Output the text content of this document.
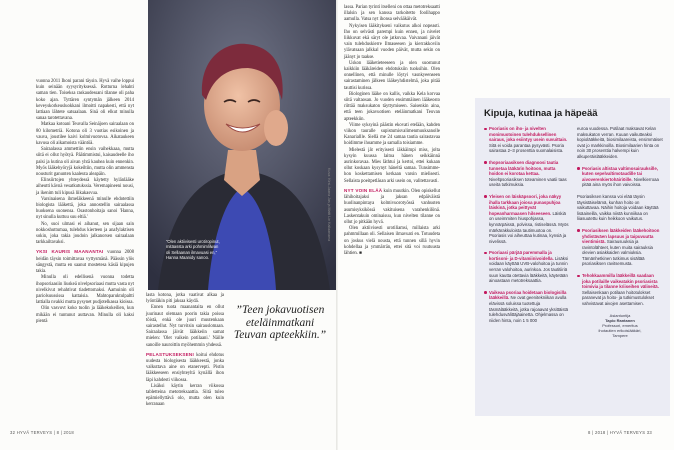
”Olen aktiivisesti urotiropinut, mitäassta arki pohmimlilwan oli Sellaanan ilmavuasi en,” Hanna Maanidy sanoo.
Kuva: Kirsi-Jaana Jas ja Matti Lin Kallaanama

vuonna 2011 Ihoni parani täysin. Hyvä vaihe loppui kuin seinään syysyrityksessä. Rotturna lehahti saman tien. Toiseksa raskaudessani tilanne oli paha koko ajan. Tyttären syntymän jälkeen 2014 keveyskorkeusluokkani ilmoitti napakesti, että nyt lattiaan lähtete satsaalaan. Sinä oli elkut minulla sanaa tarotettavana.

Matkaa kotoani Teuvalla Seinäjoen sairaalaan on 80 kilometriä. Kotona oli 3 vuotias esikoinen ja vauva, joustilee kaivi kolmivuotovsa. Aikataukeen kavusa oli aikamoista vääntöä.

Sairaalassa ammettiin ensin vaihekkaaa, mutta siitä ei ollut hyötyä. Päätimmistui, kaisaudeelle iho palsi ja kutina oli aivan yhtä kauhea kuin ennenkin. Myös lääkehyöryjä kokeiltiin, mutta olin ammensta nousturit ganunten kaaleuta aleapäin.

Elinsiirtojen yhteydessä käytetty hylänlääke aiheutti kävnä vesatkutukssia. Veremapineeni nousi, ja ikenim tuli kipusä liikakasvua.

Varsinaisena ihmeläkkeenä minulle ehdotettiin biologista lääkettä, joka annostellin sairaalassa huoksena suonensa. Osastonhoitaja sanoi 'Hanna, nyt sinulla kuttuu suu eltiä.'

No, suoi ulmasi ei aihanut, sen sijaan sain nokkoshuttumaa, tulehdus kierteen ja anafylaktisen sokin, joka takia joudoin jalkanorsen sairaalaan tarkkailtavaksi.

YKSI KAURIS MAANANTAI vuonna 2008 heidän täysin toimittavaa vyttysmänä. Päässin ylös sängystä, mutta en saanut mostetesa käsiä kipujen takia.

Minulla oli edellisenä vuonna todetta ihopsoriaasiin liuskeä nivelpsoriaasi mutta vasta nyt nivelkivut rehahtivat tiadettomaksi. Aamuinin oli pariolsuussissa kattaisia. Mahtoparuktulpaltti lattialla nvakki mutta pysynet pudjotelkassa kioissa.

Olin vasvuvt koko tuolin ja lääkekokeilien, kun mikään ei tuntunut auttavan. Minulla oli kaksi pientä

lasta kotona, jotka vaativat alkaa ja lyöntiäkin piti jaksaa käydä.

Ennen tuota maanantaita en ollut juurinaut olemaan poorin takia poissa töistä, enkä ole juuri muutenkaan sairastellut. Nyt turvitsin sairauslomaan. Sairaalassa jäivät lääkkeiin samat mielen: 'Olet vaikein potilaani.' Näille sanoille nauroittin myöhemmin yhdessä.

PELASTUKSEKSENI koitui ehdotus uudesta biologisesta lääkkeestä, jonka valkuttava aine on etanervepti. Pistin lääkkeeseen ensiyhteyltä kynällä ihon läpi kahdesti viikossa.

Lisäksi käytin kerran viikossa tabletteina metotreksaattia. Siitä tuleo epämiellyttävä olo, mutta olen kuin kerranaan

”Teen jokavuotisen eteläinmatkani Teuvan apteekkiin.”

lassa. Parian tyrinti itselleni on ottaa metotreksaatti illalsin ja sen kanssa tarkoitetto foolihappo aamulla. Vatsa nyt ihonsa selvääkäivät.

Nykyisen lääkitykseni vaikutus alkoi nopeasti. Iho on selvästi parempi kuin ennen, ja nivelet liikkuvat ekä säryt ole jatkuvaa. Vaivanani jäivät vain tulehduskierre Ilmaseesen ja kierrakkoviin ylävatsaan jalkkal vuoden päivät, mutta sekin on jäänyt jo taakse.

Uskon lääketieteeseen ja olen suostunut kaikkiin lääkäreiden ehdotuksiin tuoksihin. Olen onnellinen, että minulle löytyi vasnkyeenseen sairastaminen jälkeen lääkeyhdistelmä, joka pitää tauttisi kurissa.

Biologinen lääke on kallis, vaikka Kela korvaa siitä valtaosan. Jo vuoden ensimmäinen lääkeosto riittää maksukaton täyttymiseen. Saisenkin aina, että teen jokavuotisen eteläinmatkani Teuvan apteekkiin.

Viime syksyinä päästin ekovati etelään, kahden viikon tauralle supistumisvalimenmuuksanolle Kanariallle. Siellä me 24 samaa tautia sairastavaa hoidimme ihoamme ja samalla toisiamme.

Mielestä jät erityisesti iäkkäimpi miss, jolta kysyin kuussa laitoa hänen seikkäinnä aurinkoravaa. Mies läthtui ja kertoi, ettei kukaan ollut koskaan kysynyt häneltä samaa. Tunsimme-hon koskettamisen kerkaan varsin mielisesti. Sellaista poeitpetläsan arki usein on, valitettavasti.

NYT VOIN ELÄÄ kuin muutkin. Olen opiskellut lähihoitajaksi ja jaksan edpäiväistä huolinanpintaya kolmivuorotyössä vanhusten asumisyksikössä vakituisena varahenkilönä. Laskentakuin ominaisuu, kun nivelten tilanne on ollut jo pitkään hyvä.

Olen aktiivisesti urotiliamsi, millaista arki pahmmillaan oli. Sellaisen ilmavuati en. Totuudeta on joskus vielä nousta, että tunnen sillä hyvin kohdellaa ja ymmärrän, ettei sitä voi ruutuusta lähtien. ■

Kipuja, kutinaa ja häpeää
Psoriasis on iho- ja nivelten monimuotoinen tulehduksellinen sairaus, joka esiintyy usein suvuittain. Sitä ei voida parantaa pysyvästi. Psoria sairastaa 2–3 prosenttia suomalaisista.
Ihopsoriaasiksen diagnoosi tautia tunnetaa lääkärin hoitoon, mutta hoidon ei korotaa kettaa. Niveltpsoriasiksen toteaminen vaatii taas useita tutkimuksia.
Yleisen on läiskäpsoori, joka näkyy ihalla tarkkaan joiosa punaspuhjoa läiskinä, jotka peittyvät hopeanharmaasen hilseeseen. Läiskiä on useimmiten hiuspohjassa, kynnärpäissä, polvissa, ristiselässä. Myös märkärakkuloista tautimuotoa on. Psoriasis voi aiheuttaa kutinaa, kynsiä ja nivelissä.
Psoriaasi pärjää paremmalla ja kortisoni- ja D-vitamiinivoidella. Lisäksi voidaan käyttää UVB-valohoitoa ja tunnin verran valohoitoa, aurinkoa. Jos tautitiiriä suun kautta otettavia lääkkeitä, käytetään ainoastaan metotreksaattia.
Vaikeaa psoriaa hoidetaan biologisilla lääkkeillä. Ne ovat geenitekniikan avulla elävissä soluissa tuotettuja täsmälääkkeitä, jotka rajoaavat yksittäistä tulehdusvälittäjäainetta. Ohjelmassa on niiden hinta, noin 1 5 000
euroa vuodessa. Potilaat maksavat Kelan maksukaton verran. Kuuan vaikutteaksi kopiolääkkeitä, biosimilaareista, ensimmäiset ovat jo markkinoilla. Biosimilaarien hinta on noin 30 prosenttia halvempi kuin alkuperäislääkkeiden.
Psoriasis altistaa valtimosairauksille, kuten sepelvaltimotaudille tai aivoverenkiertohäiriöille. Nivelkierroaa pitää aina myös ihon vaivoissa.
Psoriasiksen kanssa voi elää täysin täysistäiselämä, kunhan hoito on vaikuttavaa. Näihin hoitoja voidaan käyttää lisäaineilla, vaikka niistä kunniikaa on liiasuutettu kuin heikkoon vaikutus.
Psoriasiksen lääkkeiden lääkehoitoon yhdistäväen lapsuus ja taipuvuutta vientimistä. Sairausuuksia ja ravintolähteet, kuten muita sairauksia olevien asiakkaiden valmiuksia. Tämänhetkinen tutkimus sisältää psoriasiksen ravitsemusta.
Tehokkaammilla lääkkeillä saadaan joka potilaille vaikeatakin psoriasista toimivia ja tilanne kriiseihen välineitä. Sellaisenkaan potilaan hoitotulokset paranevat ja hoito- ja tutkimustulokset vahvistavat aivojen asettamisen.
Asiantuntija
Tapio Rantanen
Professori, emeritus
ihotautien erikoislääkäri,
Tampere
32 HYVÄ TERVEYS | 8 | 2018	8 | 2018 | HYVÄ TERVEYS 33
